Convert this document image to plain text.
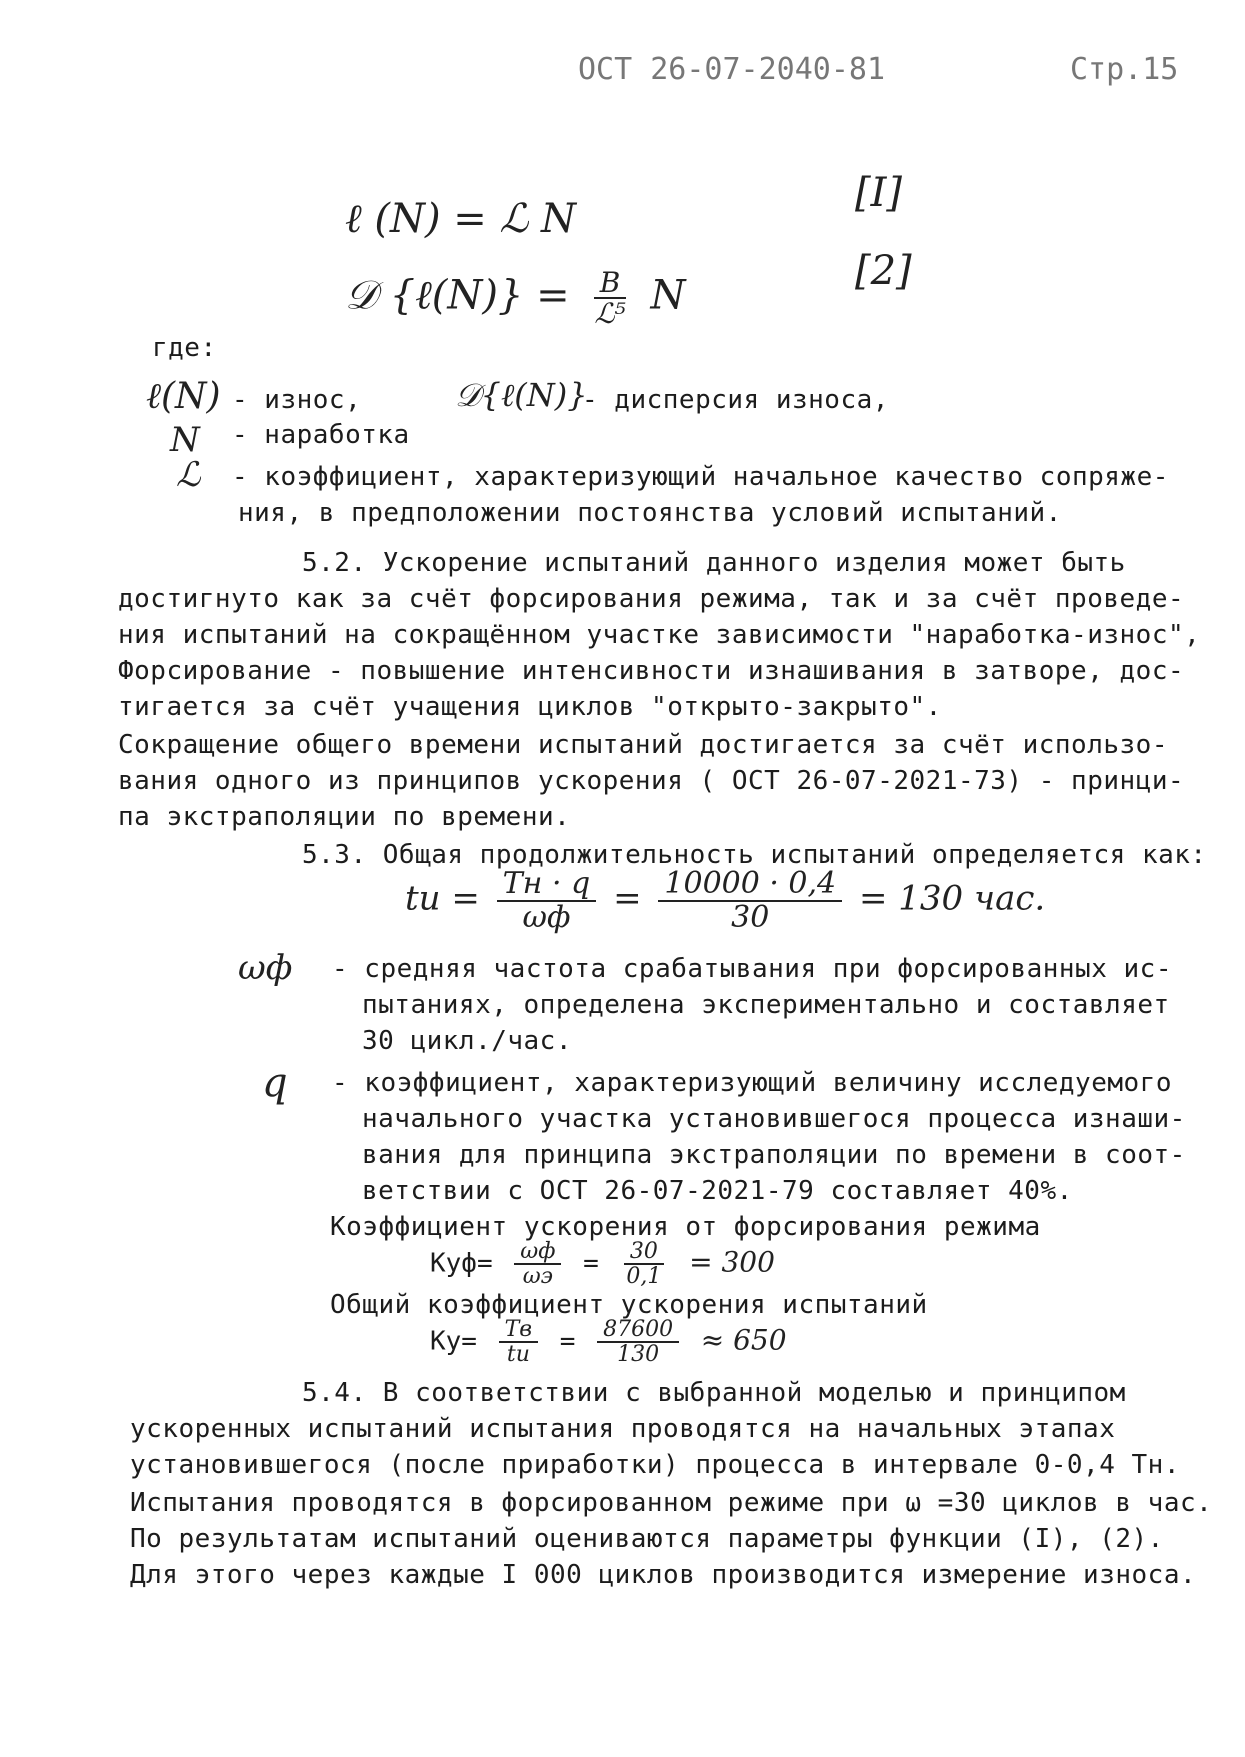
ОСТ 26-07-2040-81	Стр.15
ℓ (N) = ℒ N
[I]
𝒟 {ℓ(N)} = $\frac{B}{\text{ℒ⁵}}$ N
[2]
где:
ℓ(N) - износ,	𝒟{ℓ(N)}
- дисперсия износа,
N - наработка
ℒ - коэффициент, характеризующий начальное качество сопряже-
ния, в предположении постоянства условий испытаний.
5.2. Ускорение испытаний данного изделия может быть
достигнуто как за счёт форсирования режима, так и за счёт проведе-
ния испытаний на сокращённом участке зависимости "наработка-износ",
Форсирование - повышение интенсивности изнашивания в затворе, дос-
тигается за счёт учащения циклов "открыто-закрыто".
Сокращение общего времени испытаний достигается за счёт использо-
вания одного из принципов ускорения ( ОСТ 26-07-2021-73) - принци-
па экстраполяции по времени.
5.3. Общая продолжительность испытаний определяется как:
tи = $\frac{Tн \cdot q}{\omega ф} = \frac{10000 \cdot 0,4}{30} = 130$ час.
ωф - средняя частота срабатывания при форсированных ис-
пытаниях, определена экспериментально и составляет
30 цикл./час.
q - коэффициент, характеризующий величину исследуемого
начального участка установившегося процесса изнаши-
вания для принципа экстраполяции по времени в соот-
ветствии с ОСТ 26-07-2021-79 составляет 40%.
Коэффициент ускорения от форсирования режима
$Kуф= \frac{\omega ф}{\omega э} = \frac{30}{0,1} = 300$
Общий коэффициент ускорения испытаний
$Kу= \frac{Tв}{tи} = \frac{87600}{130} \approx 650$
5.4. В соответствии с выбранной моделью и принципом
ускоренных испытаний испытания проводятся на начальных этапах
установившегося (после приработки) процесса в интервале 0-0,4 Tн.
Испытания проводятся в форсированном режиме при ω =30 циклов в час.
По результатам испытаний оцениваются параметры функции (I), (2).
Для этого через каждые I 000 циклов производится измерение износа.
